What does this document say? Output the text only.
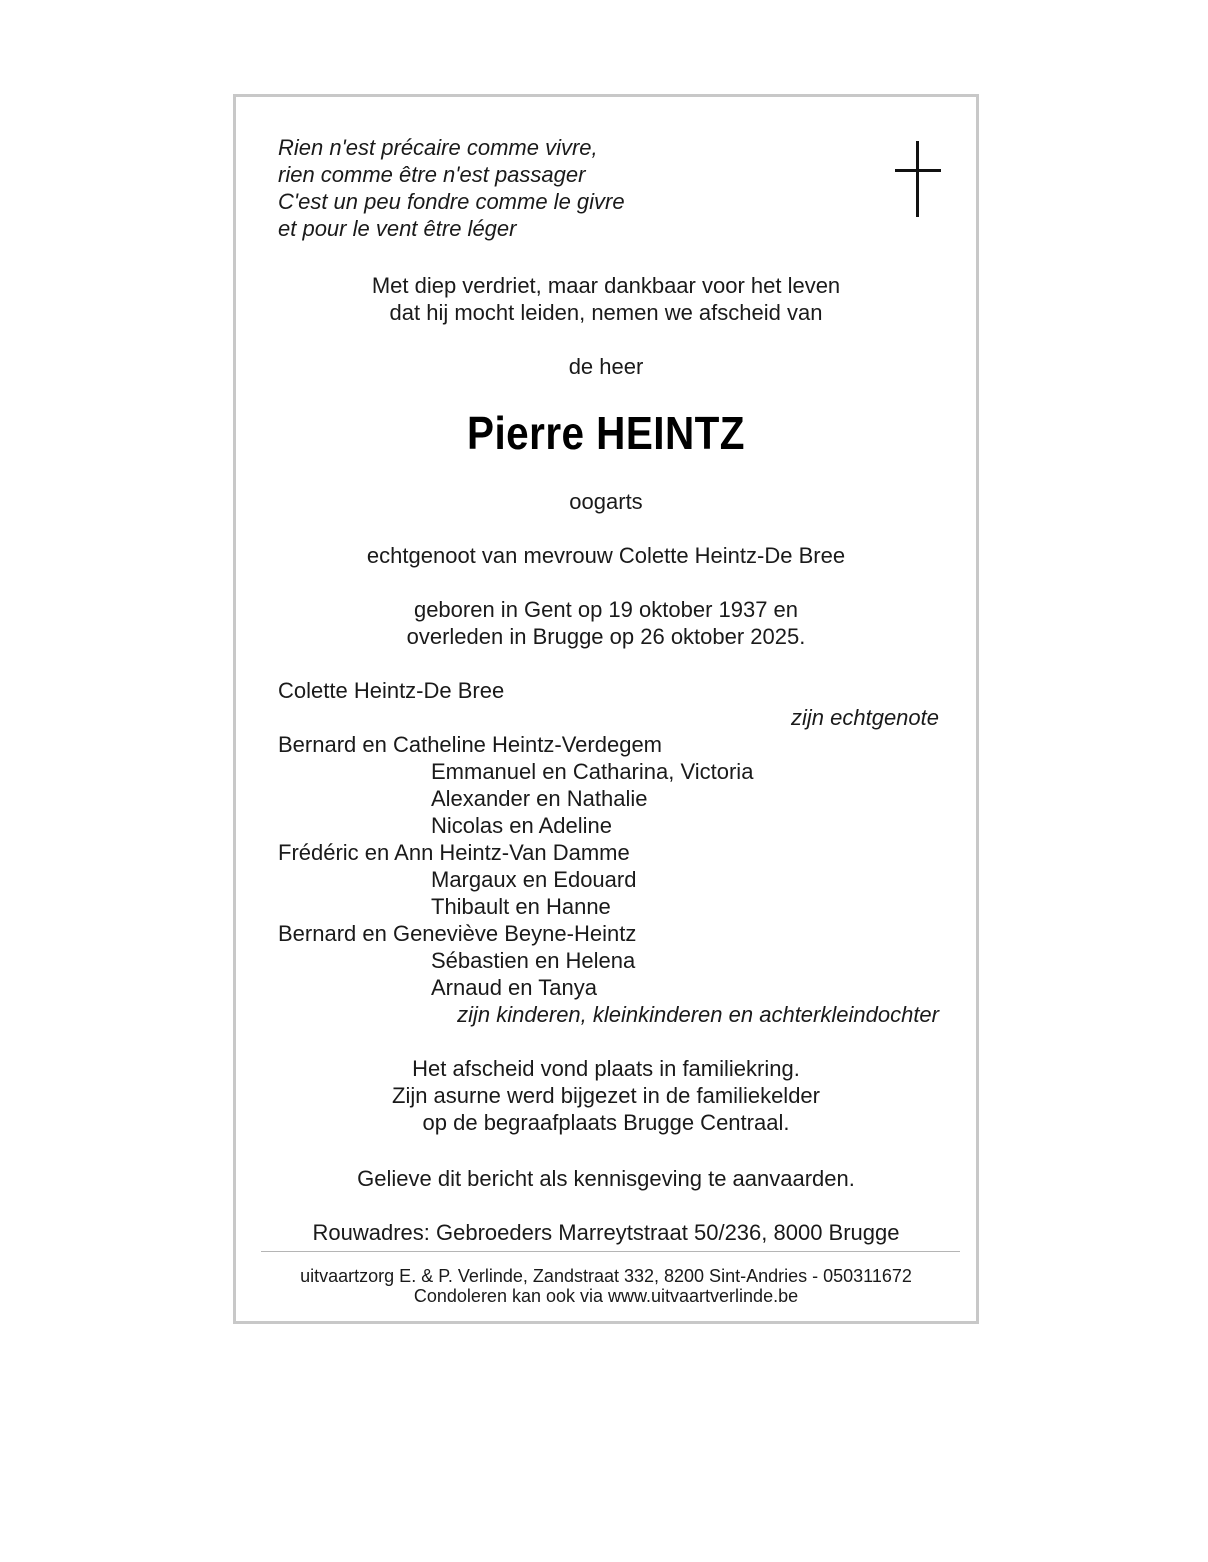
Rien n'est précaire comme vivre,
rien comme être n'est passager
C'est un peu fondre comme le givre
et pour le vent être léger
Met diep verdriet, maar dankbaar voor het leven
dat hij mocht leiden, nemen we afscheid van
de heer
Pierre HEINTZ
oogarts
echtgenoot van mevrouw Colette Heintz-De Bree
geboren in Gent op 19 oktober 1937 en
overleden in Brugge op 26 oktober 2025.
Colette Heintz-De Bree
zijn echtgenote
Bernard en Catheline Heintz-Verdegem
Emmanuel en Catharina, Victoria
Alexander en Nathalie
Nicolas en Adeline
Frédéric en Ann Heintz-Van Damme
Margaux en Edouard
Thibault en Hanne
Bernard en Geneviève Beyne-Heintz
Sébastien en Helena
Arnaud en Tanya
zijn kinderen, kleinkinderen en achterkleindochter
Het afscheid vond plaats in familiekring.
Zijn asurne werd bijgezet in de familiekelder
op de begraafplaats Brugge Centraal.
Gelieve dit bericht als kennisgeving te aanvaarden.
Rouwadres: Gebroeders Marreytstraat 50/236, 8000 Brugge
uitvaartzorg E. & P. Verlinde, Zandstraat 332, 8200 Sint-Andries - 050311672
Condoleren kan ook via www.uitvaartverlinde.be
